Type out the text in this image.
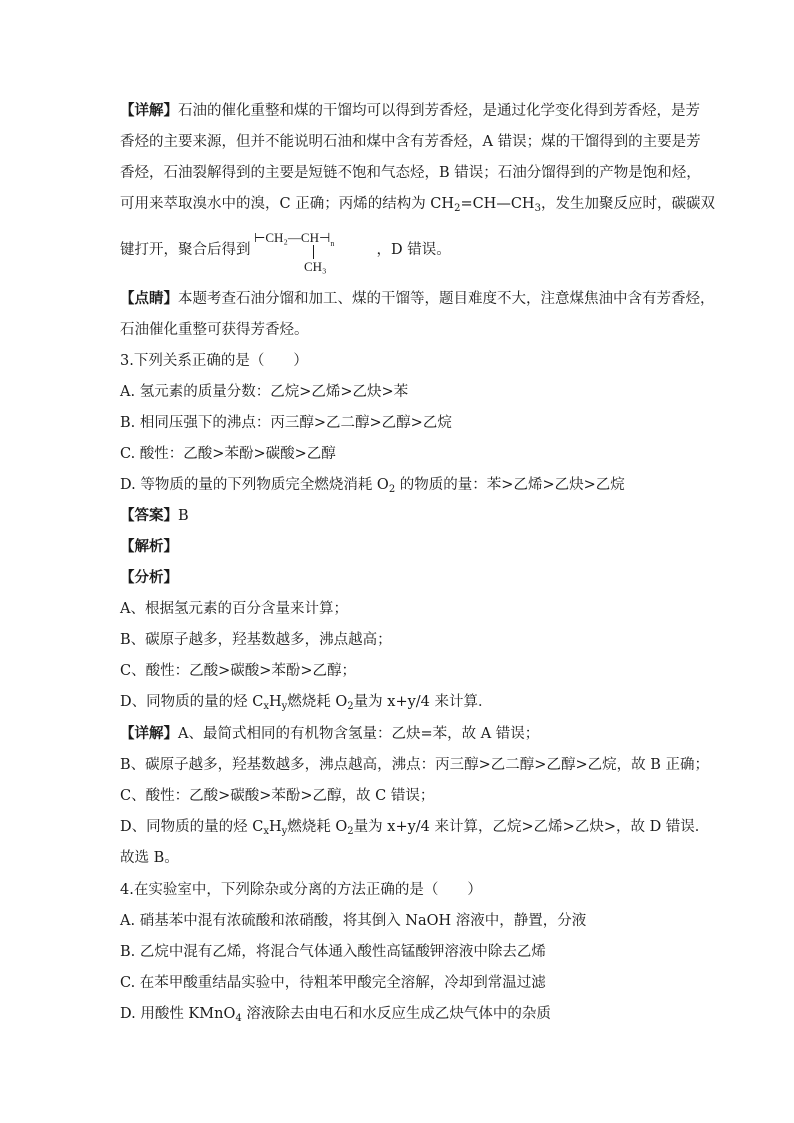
【详解】石油的催化重整和煤的干馏均可以得到芳香烃，是通过化学变化得到芳香烃，是芳
香烃的主要来源，但并不能说明石油和煤中含有芳香烃，A 错误；煤的干馏得到的主要是芳
香烃，石油裂解得到的主要是短链不饱和气态烃，B 错误；石油分馏得到的产物是饱和烃，
可用来萃取溴水中的溴，C 正确；丙烯的结构为 $CH_2=CH—CH_3$，发生加聚反应时，碳碳双
键打开，聚合后得到	，D 错误。
$⊢CH_2—CH⊣_n$
CH₃
【点睛】本题考查石油分馏和加工、煤的干馏等，题目难度不大，注意煤焦油中含有芳香烃，
石油催化重整可获得芳香烃。
3.下列关系正确的是（　　）
A. 氢元素的质量分数：乙烷>乙烯>乙炔>苯
B. 相同压强下的沸点：丙三醇>乙二醇>乙醇>乙烷
C. 酸性：乙酸>苯酚>碳酸>乙醇
D. 等物质的量的下列物质完全燃烧消耗 $O_2$ 的物质的量：苯>乙烯>乙炔>乙烷
【答案】B
【解析】
【分析】
A、根据氢元素的百分含量来计算；
B、碳原子越多，羟基数越多，沸点越高；
C、酸性：乙酸>碳酸>苯酚>乙醇；
D、同物质的量的烃 $C_xH_y$燃烧耗 $O_2$量为 x+y/4 来计算．
【详解】A、最简式相同的有机物含氢量：乙炔=苯，故 A 错误；
B、碳原子越多，羟基数越多，沸点越高，沸点：丙三醇>乙二醇>乙醇>乙烷，故 B 正确；
C、酸性：乙酸>碳酸>苯酚>乙醇，故 C 错误；
D、同物质的量的烃 $C_xH_y$燃烧耗 $O_2$量为 x+y/4 来计算，乙烷>乙烯>乙炔>，故 D 错误．
故选 B。
4.在实验室中，下列除杂或分离的方法正确的是（　　）
A. 硝基苯中混有浓硫酸和浓硝酸，将其倒入 NaOH 溶液中，静置，分液
B. 乙烷中混有乙烯，将混合气体通入酸性高锰酸钾溶液中除去乙烯
C. 在苯甲酸重结晶实验中，待粗苯甲酸完全溶解，冷却到常温过滤
D. 用酸性 KMnO$_4$ 溶液除去由电石和水反应生成乙炔气体中的杂质
